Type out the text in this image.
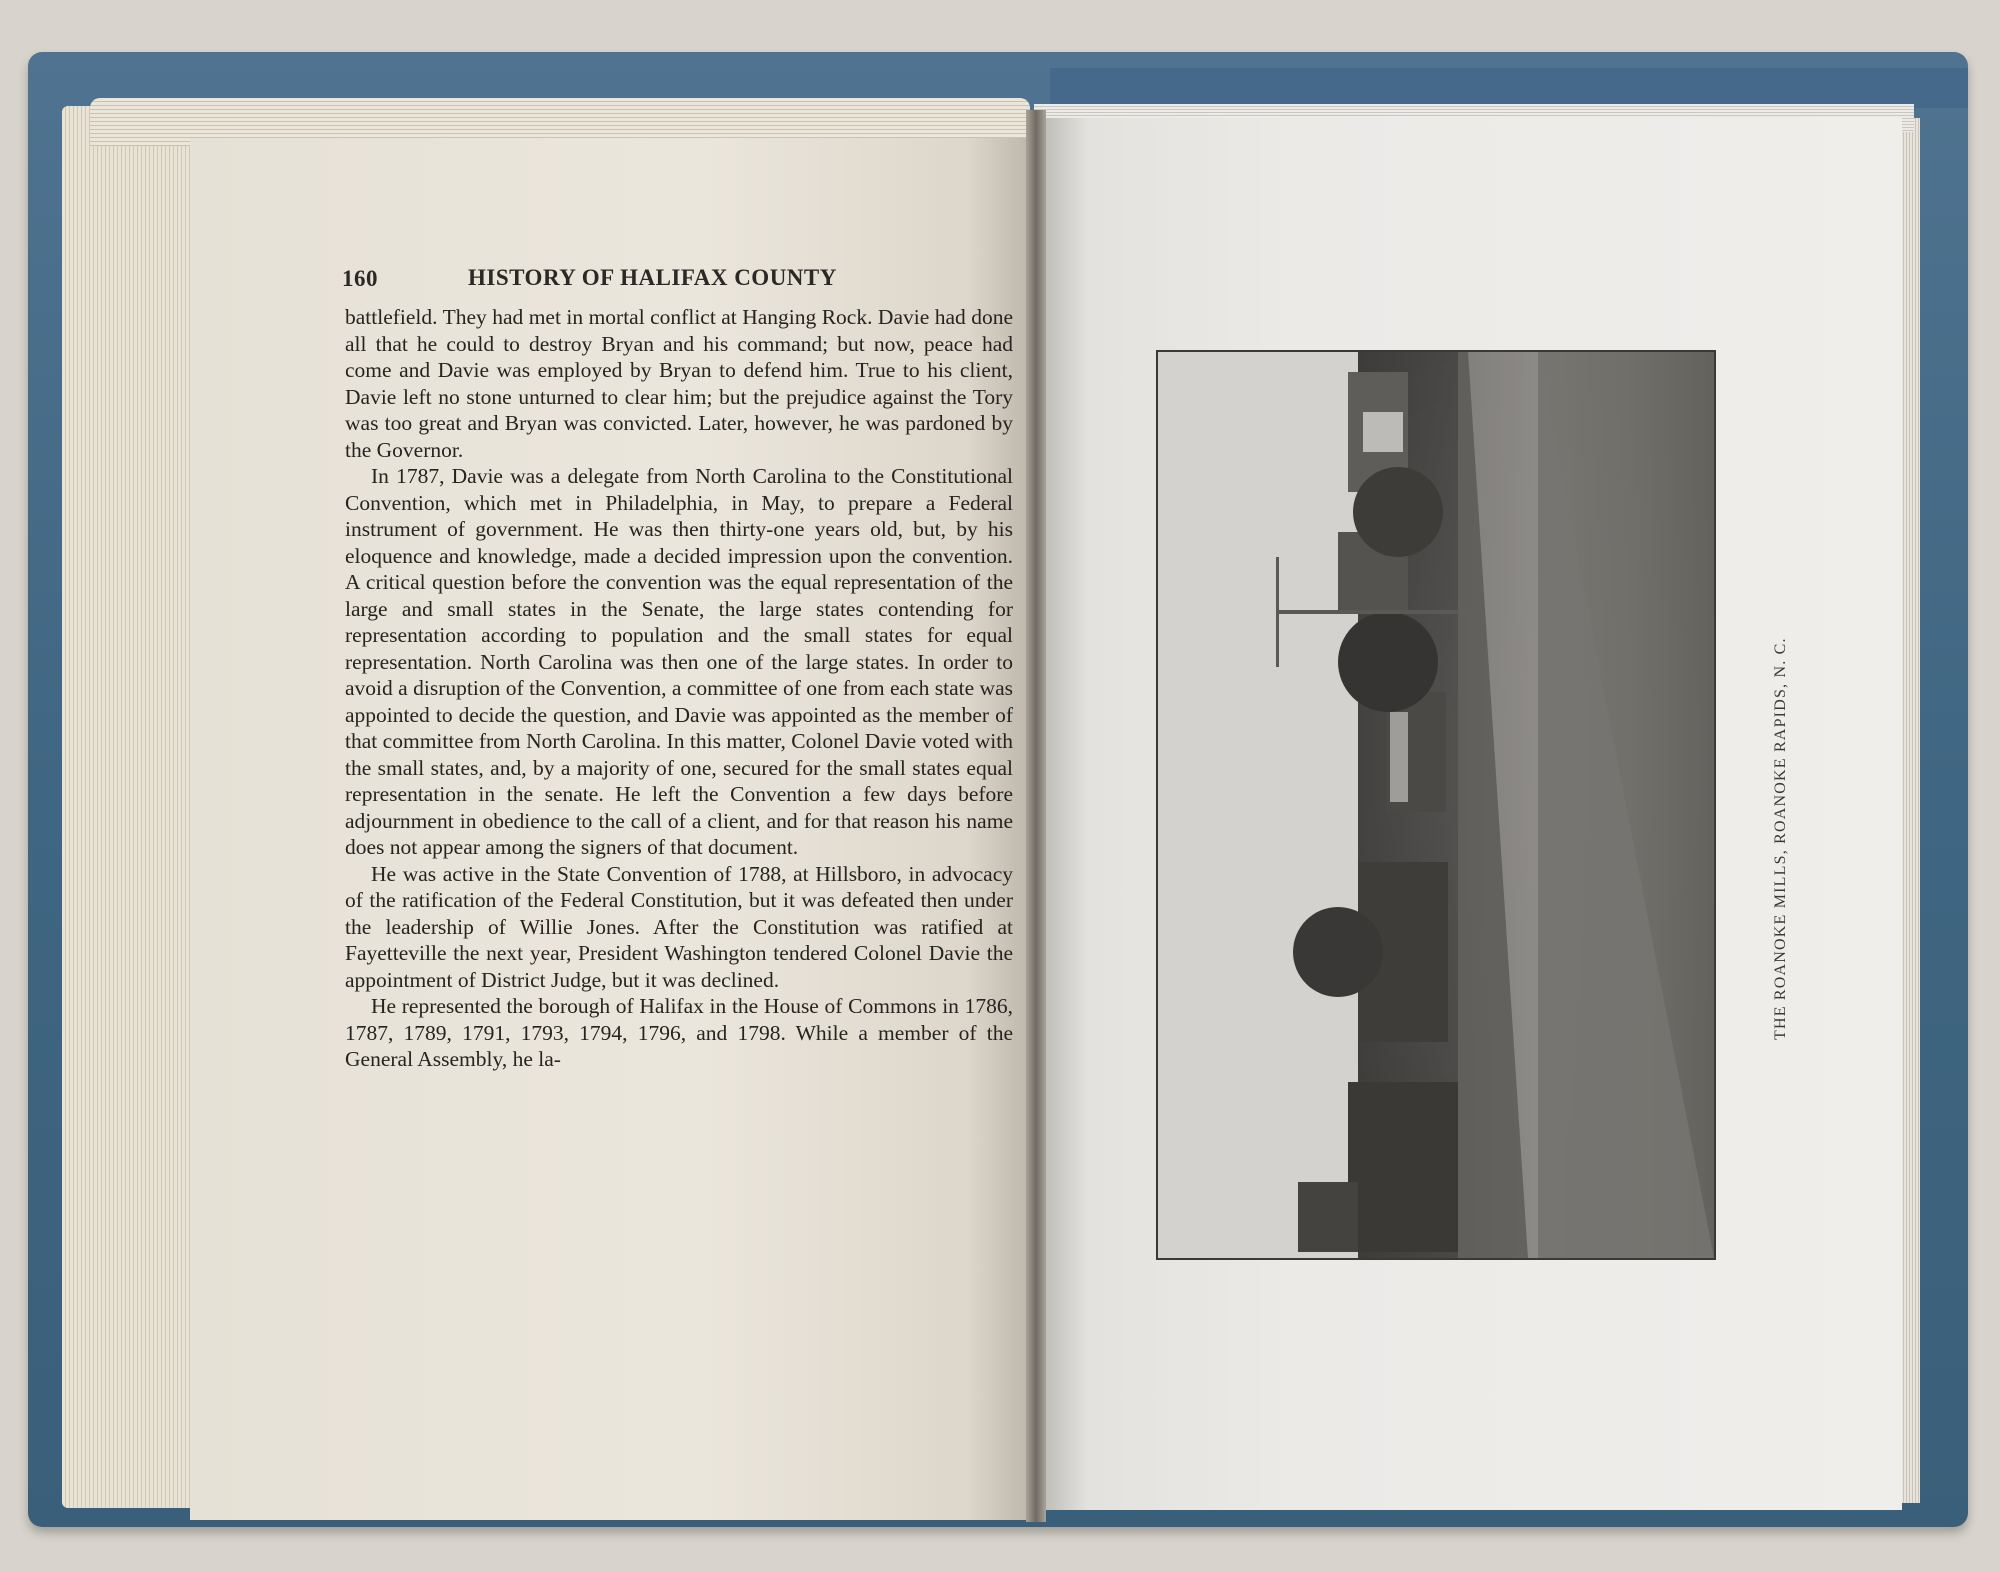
160	HISTORY OF HALIFAX COUNTY

battlefield. They had met in mortal conflict at Hanging Rock. Davie had done all that he could to destroy Bryan and his command; but now, peace had come and Davie was employed by Bryan to defend him. True to his client, Davie left no stone unturned to clear him; but the prejudice against the Tory was too great and Bryan was convicted. Later, however, he was pardoned by the Governor.

In 1787, Davie was a delegate from North Carolina to the Constitutional Convention, which met in Philadelphia, in May, to prepare a Federal instrument of government. He was then thirty-one years old, but, by his eloquence and knowledge, made a decided impression upon the convention. A critical question before the convention was the equal representation of the large and small states in the Senate, the large states contending for representation according to population and the small states for equal representation. North Carolina was then one of the large states. In order to avoid a disruption of the Convention, a committee of one from each state was appointed to decide the question, and Davie was appointed as the member of that committee from North Carolina. In this matter, Colonel Davie voted with the small states, and, by a majority of one, secured for the small states equal representation in the senate. He left the Convention a few days before adjournment in obedience to the call of a client, and for that reason his name does not appear among the signers of that document.

He was active in the State Convention of 1788, at Hillsboro, in advocacy of the ratification of the Federal Constitution, but it was defeated then under the leadership of Willie Jones. After the Constitution was ratified at Fayetteville the next year, President Washington tendered Colonel Davie the appointment of District Judge, but it was declined.

He represented the borough of Halifax in the House of Commons in 1786, 1787, 1789, 1791, 1793, 1794, 1796, and 1798. While a member of the General Assembly, he la-

THE ROANOKE MILLS, ROANOKE RAPIDS, N. C.
